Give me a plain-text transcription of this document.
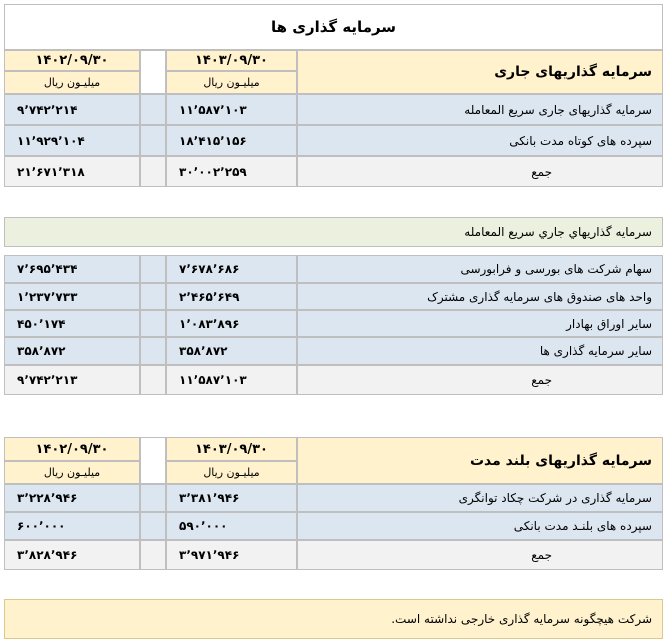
سرمایه گذاری ها
۱۴۰۲/۰۹/۳۰	۱۴۰۳/۰۹/۳۰
سرمایه گذاریهای جاری
میلیـون ریال	میلیـون ریال
۹٬۷۴۲٬۲۱۴	۱۱٬۵۸۷٬۱۰۳	سرمایه گذاریهای جاری سریع المعامله
۱۱٬۹۲۹٬۱۰۴	۱۸٬۴۱۵٬۱۵۶	سپرده های کوتاه مدت بانکی
۲۱٬۶۷۱٬۳۱۸	۳۰٬۰۰۲٬۲۵۹	جمع
سرمايه گذاريهاي جاري سريع المعامله
۷٬۶۹۵٬۴۳۴	۷٬۶۷۸٬۶۸۶	سهام شرکت های بورسی و فرابورسی
۱٬۲۳۷٬۷۳۳	۲٬۴۶۵٬۶۴۹	واحد های صندوق های سرمایه گذاری مشترک
۴۵۰٬۱۷۴	۱٬۰۸۳٬۸۹۶	سایر اوراق بهادار
۳۵۸٬۸۷۲	۳۵۸٬۸۷۲	سایر سرمایه گذاری ها
۹٬۷۴۲٬۲۱۳	۱۱٬۵۸۷٬۱۰۳	جمع
۱۴۰۲/۰۹/۳۰	۱۴۰۳/۰۹/۳۰
سرمایه گذاریهای بلند مدت
میلیـون ریال	میلیـون ریال
۳٬۲۲۸٬۹۴۶	۳٬۳۸۱٬۹۴۶	سرمایه گذاری در شرکت چکاد توانگری
۶۰۰٬۰۰۰	۵۹۰٬۰۰۰	سپرده های بلنـد مدت بانکی
۳٬۸۲۸٬۹۴۶	۳٬۹۷۱٬۹۴۶	جمع
شرکت هیچگونه سرمایه گذاری خارجی نداشته است.
